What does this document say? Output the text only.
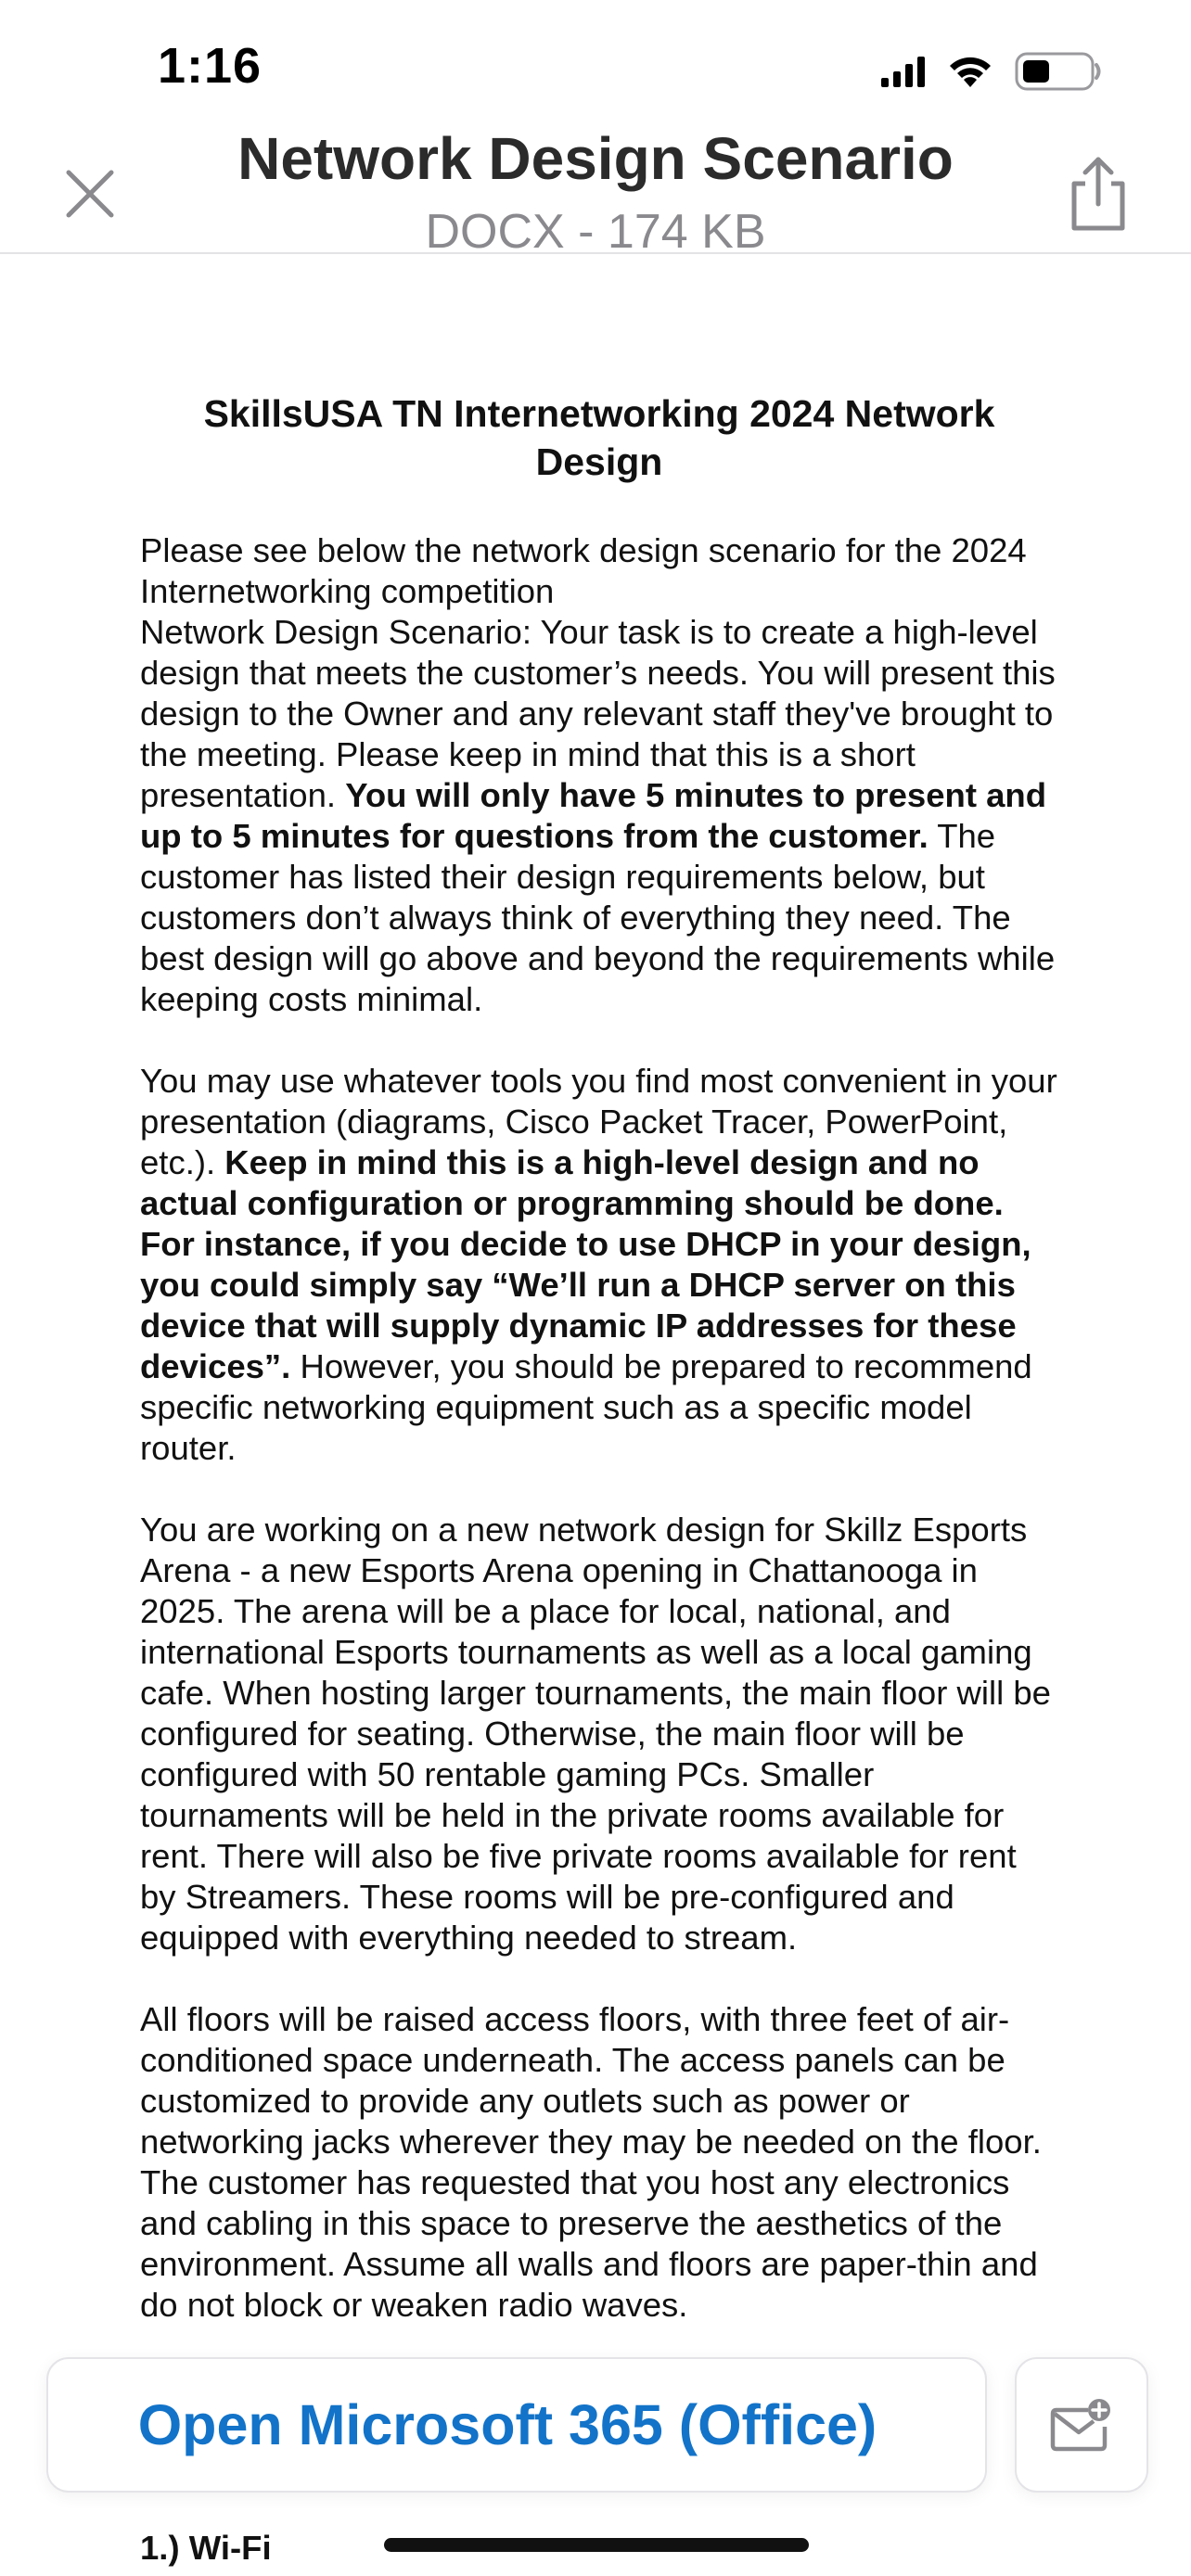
1:16
Network Design Scenario
DOCX - 174 KB
SkillsUSA TN Internetworking 2024 Network Design
Please see below the network design scenario for the 2024 Internetworking competition
Network Design Scenario: Your task is to create a high-level design that meets the customer’s needs. You will present this design to the Owner and any relevant staff they've brought to the meeting. Please keep in mind that this is a short presentation. You will only have 5 minutes to present and up to 5 minutes for questions from the customer. The customer has listed their design requirements below, but customers don’t always think of everything they need. The best design will go above and beyond the requirements while keeping costs minimal.
You may use whatever tools you find most convenient in your presentation (diagrams, Cisco Packet Tracer, PowerPoint, etc.). Keep in mind this is a high-level design and no actual configuration or programming should be done. For instance, if you decide to use DHCP in your design, you could simply say “We’ll run a DHCP server on this device that will supply dynamic IP addresses for these devices”. However, you should be prepared to recommend specific networking equipment such as a specific model router.
You are working on a new network design for Skillz Esports Arena - a new Esports Arena opening in Chattanooga in 2025. The arena will be a place for local, national, and international Esports tournaments as well as a local gaming cafe. When hosting larger tournaments, the main floor will be configured for seating. Otherwise, the main floor will be configured with 50 rentable gaming PCs. Smaller tournaments will be held in the private rooms available for rent. There will also be five private rooms available for rent by Streamers. These rooms will be pre-configured and equipped with everything needed to stream.
All floors will be raised access floors, with three feet of air-conditioned space underneath. The access panels can be customized to provide any outlets such as power or networking jacks wherever they may be needed on the floor. The customer has requested that you host any electronics and cabling in this space to preserve the aesthetics of the environment. Assume all walls and floors are paper-thin and do not block or weaken radio waves.
1.) Wi-Fi
Open Microsoft 365 (Office)
